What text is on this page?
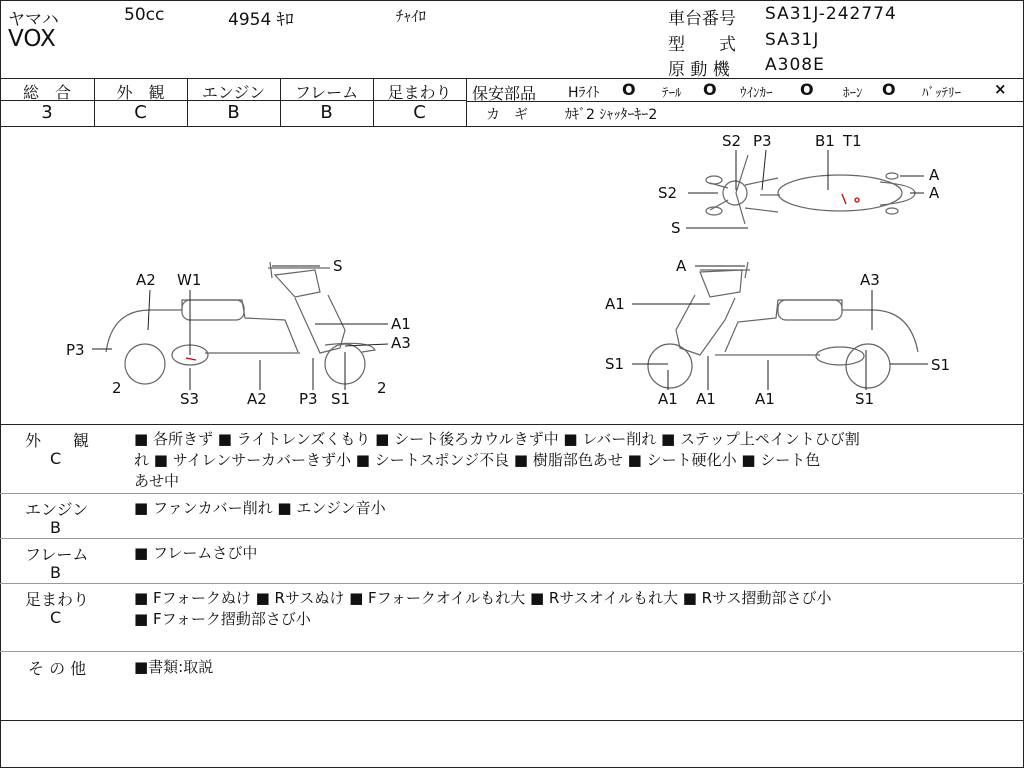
ヤマハ	50cc	4954 ｷﾛ	ﾁｬｲﾛ
VOX
車台番号 SA31J-242774
型　　式 SA31J
原 動 機 A308E
総　合	外　観	エンジン	フレーム	足まわり
3	C	B	B	C
保安部品 Hﾗｲﾄ O ﾃｰﾙ O ｳｲﾝｶｰ O ﾎｰﾝ O ﾊﾞｯﾃﾘｰ ×
カ　ギ	ｶｷﾞ2 ｼｬｯﾀｰｷｰ2
S2 P3	B1 T1
A
A
S2
S
S
A2 W1
A1
A3
P3
2
S3	A2 P3 S1
2
A
A3
A1
S1	S1
A1 A1	A1	S1
外　　観
C
■ 各所きず ■ ライトレンズくもり ■ シート後ろカウルきず中 ■ レバー削れ ■ ステップ上ペイントひび割
れ ■ サイレンサーカバーきず小 ■ シートスポンジ不良 ■ 樹脂部色あせ ■ シート硬化小 ■ シート色
あせ中
エンジン
B
■ ファンカバー削れ ■ エンジン音小
フレーム
B
■ フレームさび中
足まわり
C
■ Fフォークぬけ ■ Rサスぬけ ■ Fフォークオイルもれ大 ■ Rサスオイルもれ大 ■ Rサス摺動部さび小
■ Fフォーク摺動部さび小
そ の 他	■書類:取説
